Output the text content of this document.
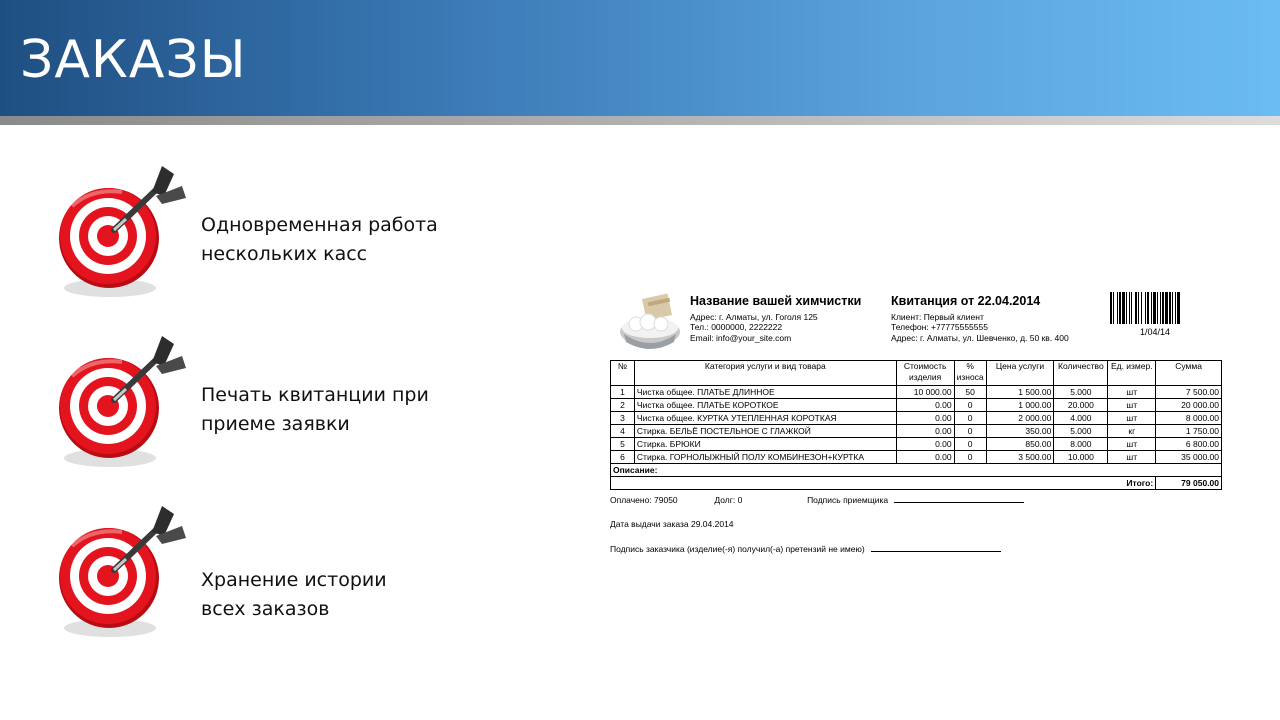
ЗАКАЗЫ
Одновременная работа
нескольких касс
Печать квитанции при
приеме заявки
Хранение истории
всех заказов
Название вашей химчистки
Адрес: г. Алматы, ул. Гоголя 125
Тел.: 0000000, 2222222
Email: info@your_site.com
Квитанция от 22.04.2014
Клиент: Первый клиент
Телефон: +77775555555
Адрес: г. Алматы, ул. Шевченко, д. 50 кв. 400
1/04/14
№	Категория услуги и вид товара	Стоимость изделия	% износа	Цена услуги	Количество	Ед. измер.	Сумма
1	Чистка общее. ПЛАТЬЕ ДЛИННОЕ	10 000.00	50	1 500.00	5.000	шт	7 500.00
2	Чистка общее. ПЛАТЬЕ КОРОТКОЕ	0.00	0	1 000.00	20.000	шт	20 000.00
3	Чистка общее. КУРТКА УТЕПЛЕННАЯ КОРОТКАЯ	0.00	0	2 000.00	4.000	шт	8 000.00
4	Стирка. БЕЛЬЁ ПОСТЕЛЬНОЕ С ГЛАЖКОЙ	0.00	0	350.00	5.000	кг	1 750.00
5	Стирка. БРЮКИ	0.00	0	850.00	8.000	шт	6 800.00
6	Стирка. ГОРНОЛЫЖНЫЙ ПОЛУ КОМБИНЕЗОН+КУРТКА	0.00	0	3 500.00	10.000	шт	35 000.00
Описание:							
Итого:							79 050.00
Оплачено: 79050	Долг: 0	Подпись приемщика
Дата выдачи заказа 29.04.2014
Подпись заказчика (изделие(-я) получил(-а) претензий не имею)
